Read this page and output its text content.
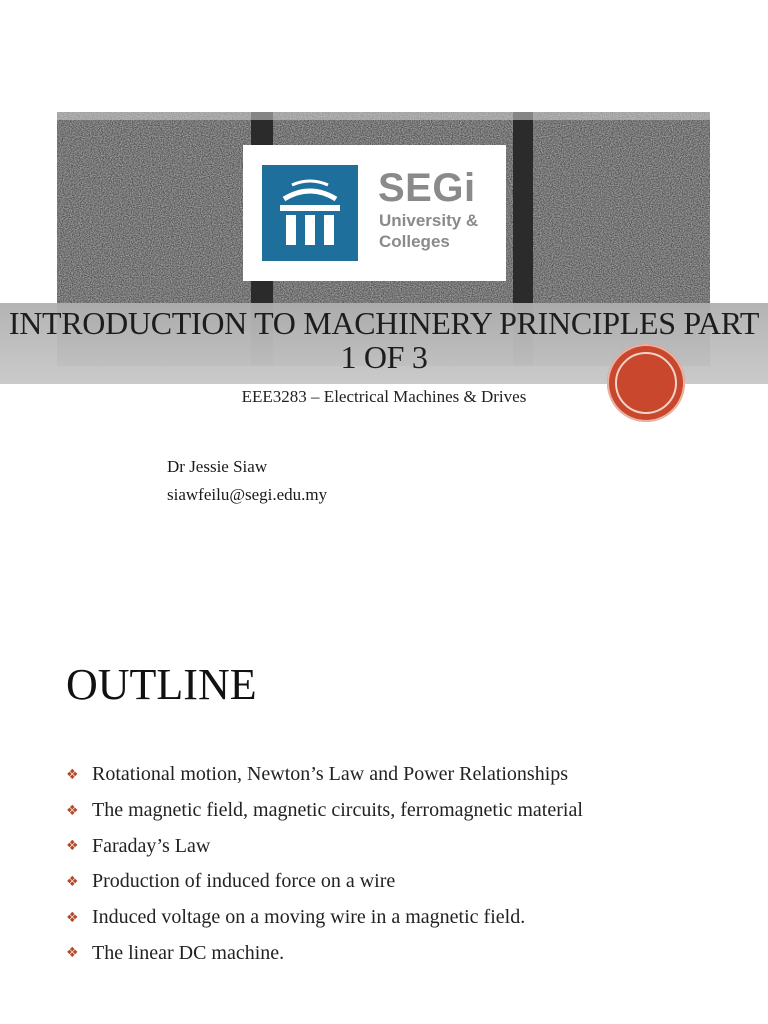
SEGi
University & Colleges
INTRODUCTION TO MACHINERY PRINCIPLES PART 1 OF 3
EEE3283 – Electrical Machines & Drives
Dr Jessie Siaw
siawfeilu@segi.edu.my
OUTLINE
❖ Rotational motion, Newton’s Law and Power Relationships
❖ The magnetic field, magnetic circuits, ferromagnetic material
❖ Faraday’s Law
❖ Production of induced force on a wire
❖ Induced voltage on a moving wire in a magnetic field.
❖ The linear DC machine.
